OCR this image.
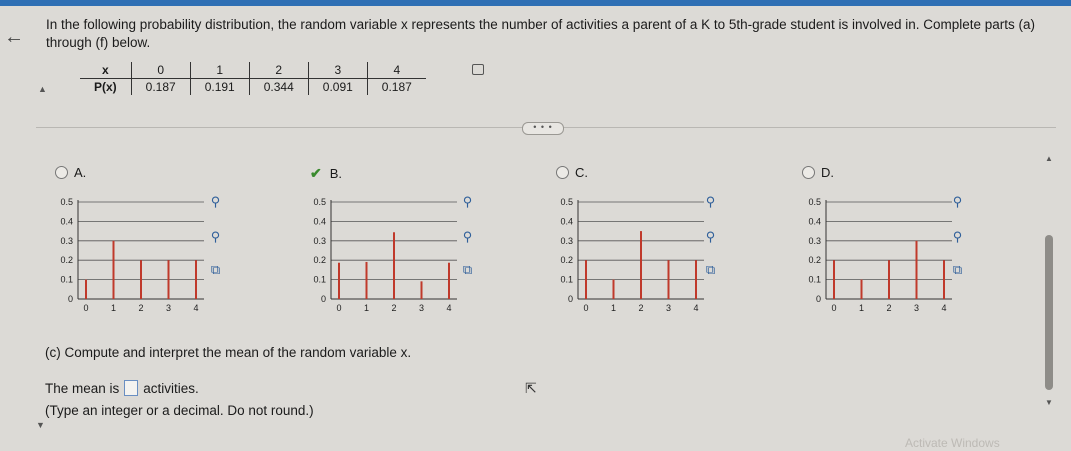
←
In the following probability distribution, the random variable x represents the number of activities a parent of a K to 5th-grade student is involved in. Complete parts (a) through (f) below.
x	0	1	2	3	4
P(x)	0.187	0.191	0.344	0.091	0.187
▲
• • •
A.	✔ B.	C.	D.
0
0.1
0.2
0.3
0.4
0.5
0 1 2 3 4
0
0.1
0.2
0.3
0.4
0.5
0 1 2 3 4
0
0.1
0.2
0.3
0.4
0.5
0 1 2 3 4
0
0.1
0.2
0.3
0.4
0.5
0 1 2 3 4
⚲
⚲
⧉
⚲
⚲
⧉
⚲
⚲
⧉
⚲
⚲
⧉
▲
▼
▼
(c) Compute and interpret the mean of the random variable x.
The mean is activities.
(Type an integer or a decimal. Do not round.)
⇱
Activate Windows
